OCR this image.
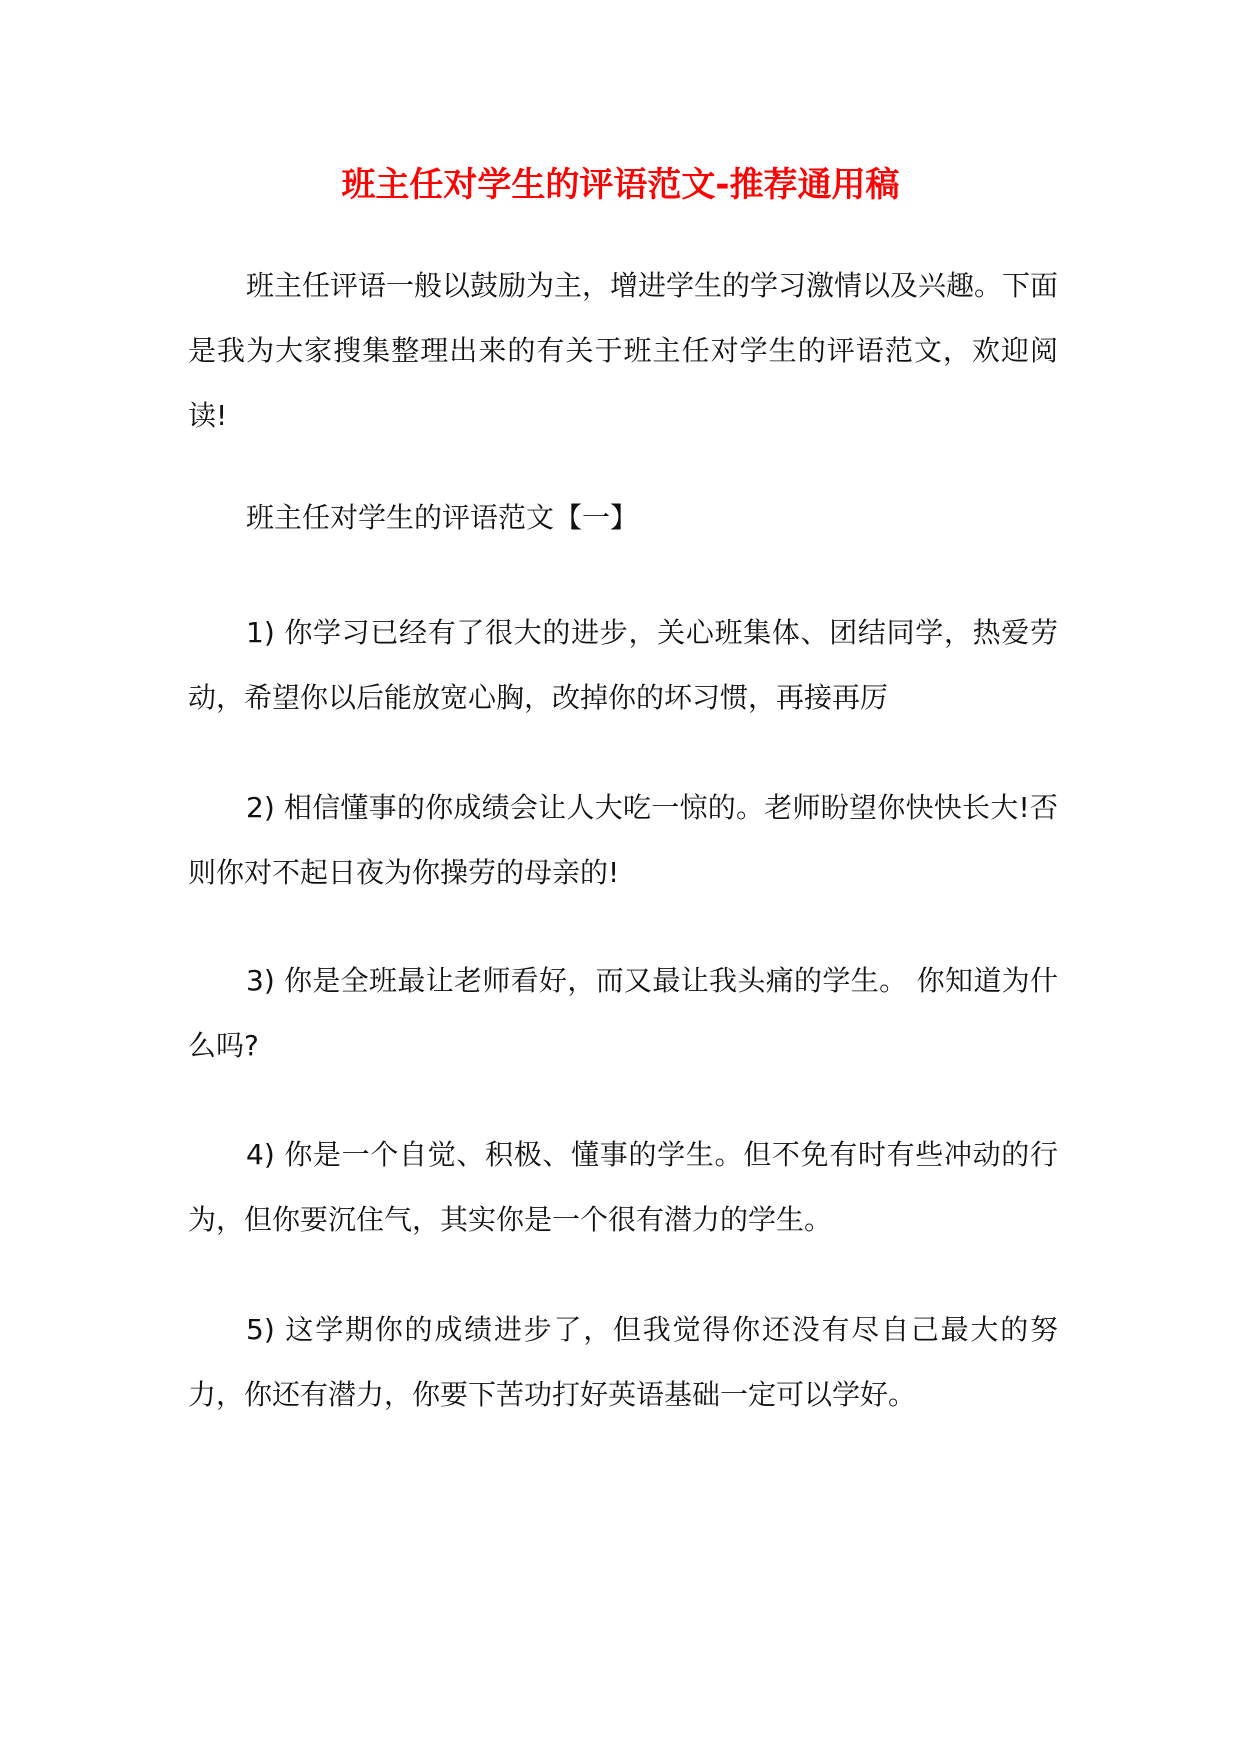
班主任对学生的评语范文-推荐通用稿

班主任评语一般以鼓励为主，增进学生的学习激情以及兴趣。下面是我为大家搜集整理出来的有关于班主任对学生的评语范文，欢迎阅读!

班主任对学生的评语范文【一】

1) 你学习已经有了很大的进步，关心班集体、团结同学，热爱劳动，希望你以后能放宽心胸，改掉你的坏习惯，再接再厉

2) 相信懂事的你成绩会让人大吃一惊的。老师盼望你快快长大!否则你对不起日夜为你操劳的母亲的!

3) 你是全班最让老师看好，而又最让我头痛的学生。 你知道为什么吗?

4) 你是一个自觉、积极、懂事的学生。但不免有时有些冲动的行为，但你要沉住气，其实你是一个很有潜力的学生。

5) 这学期你的成绩进步了，但我觉得你还没有尽自己最大的努力，你还有潜力，你要下苦功打好英语基础一定可以学好。
